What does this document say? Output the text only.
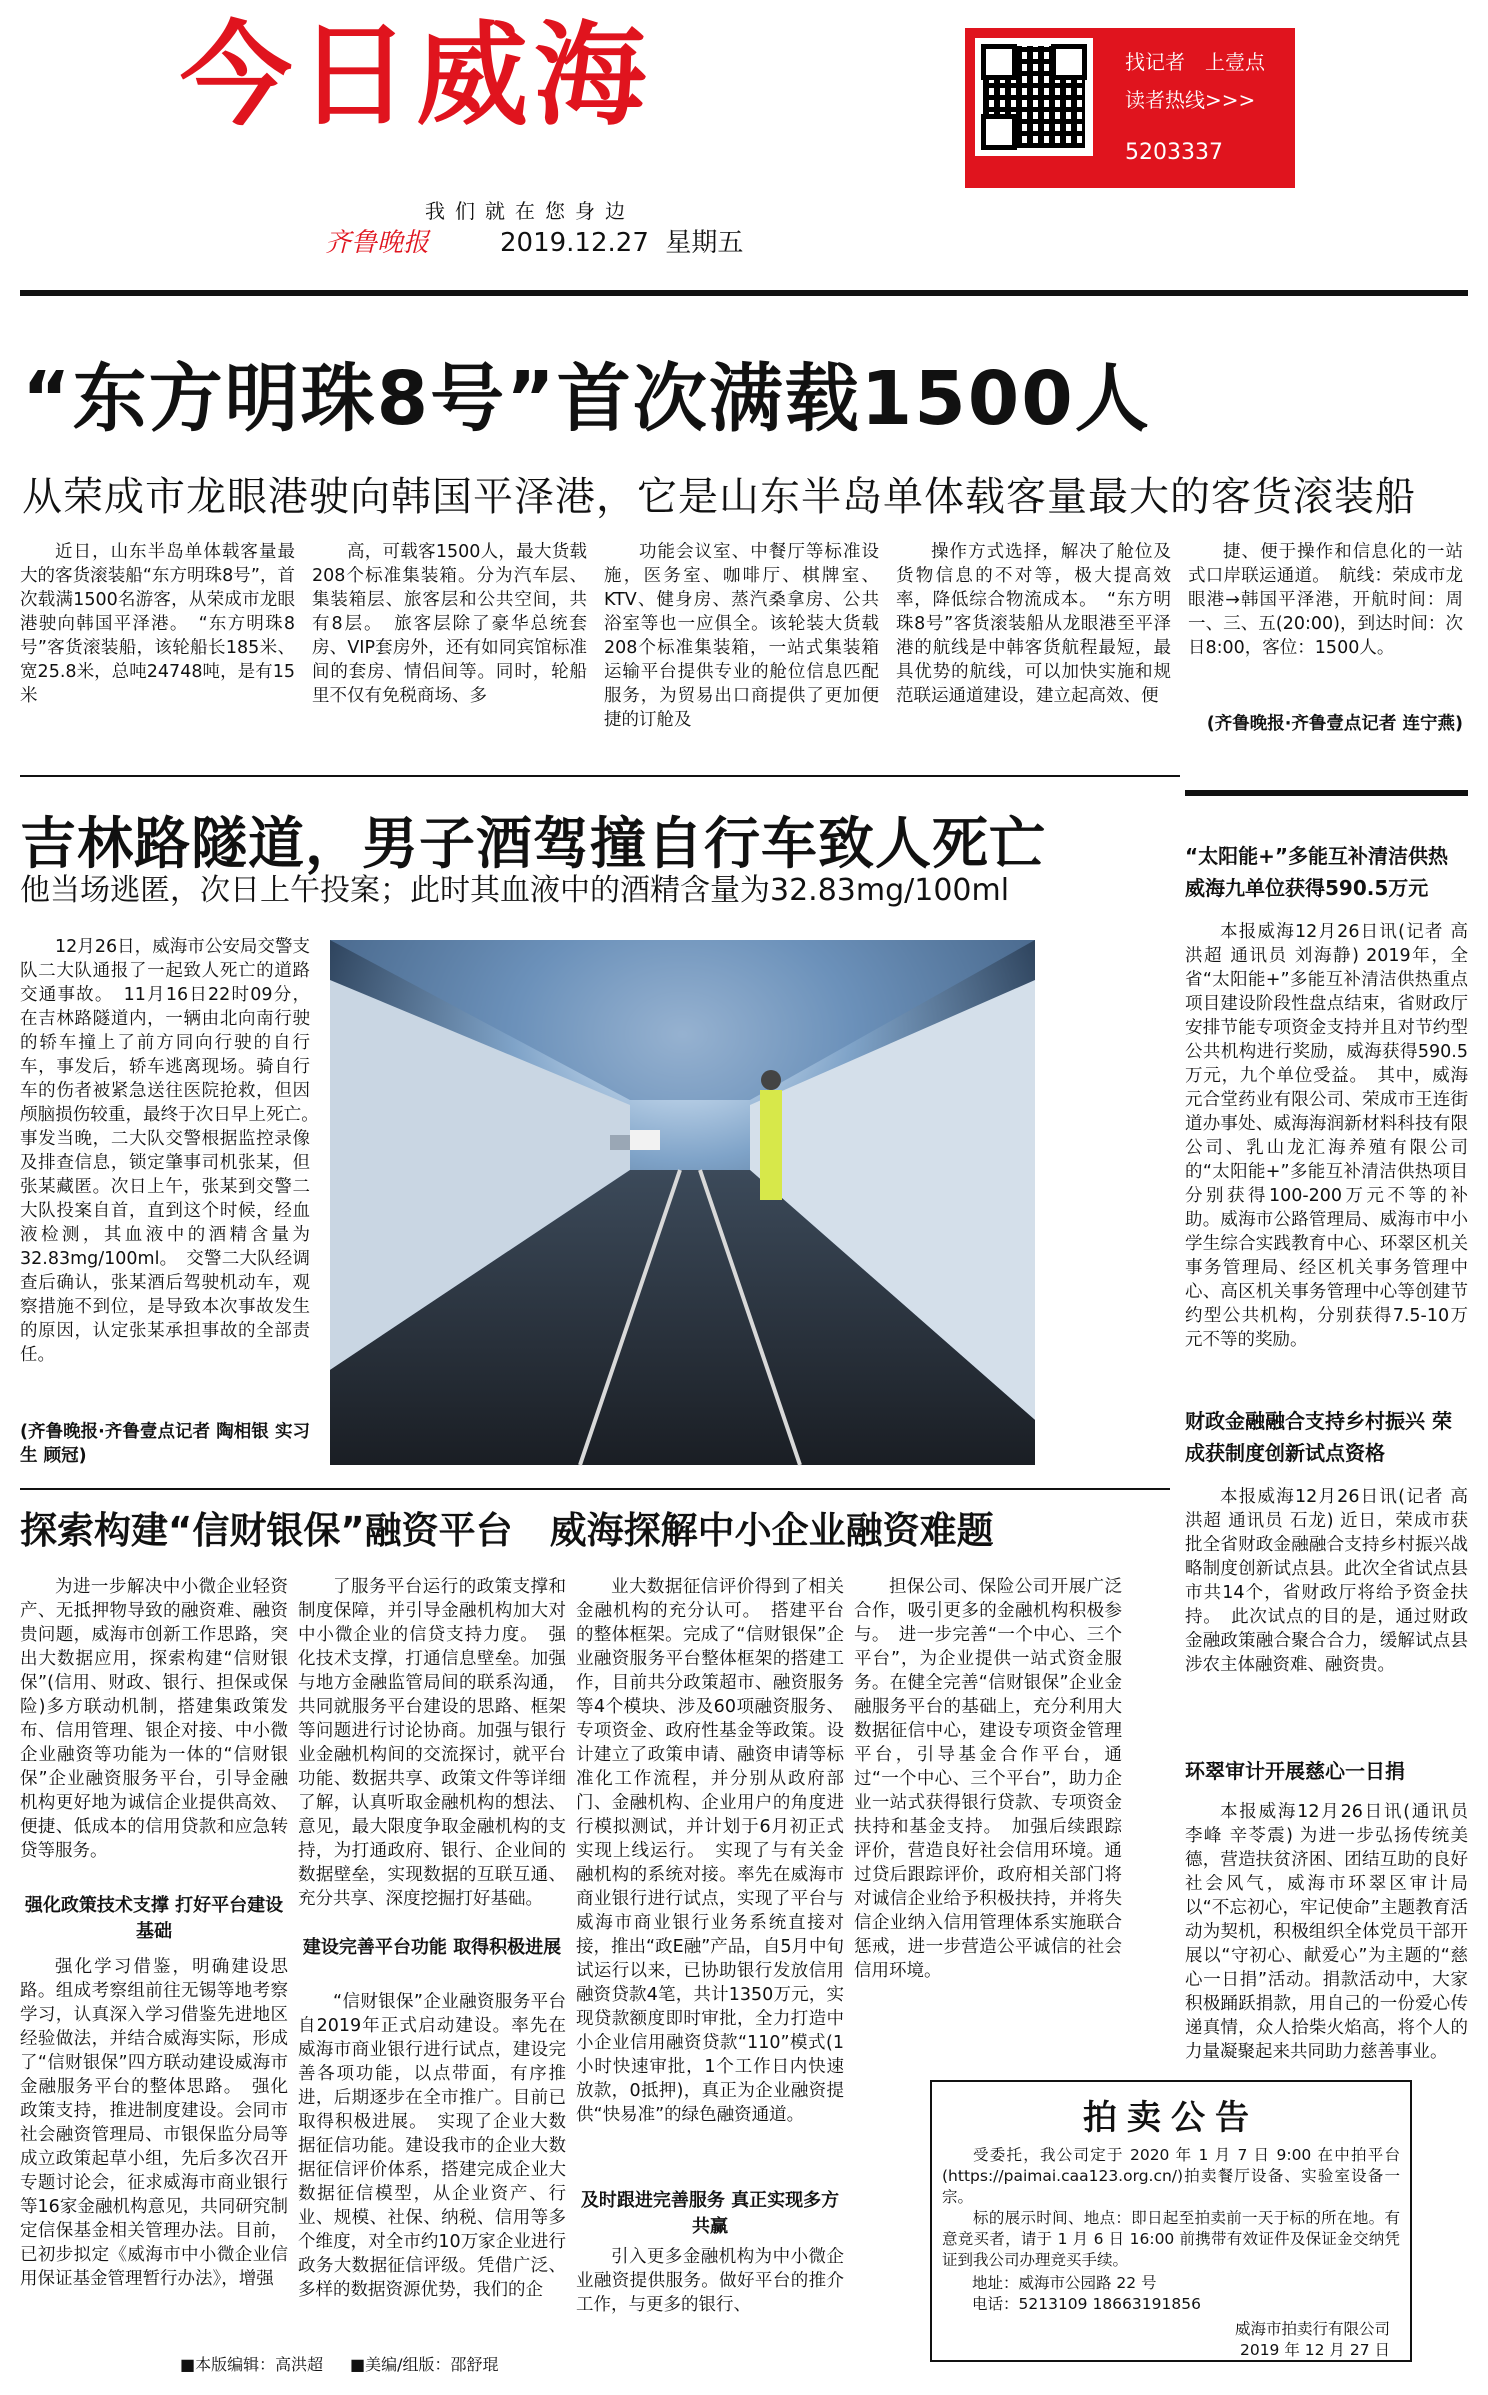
今日威海
我们就在您身边
齐鲁晚报	2019.12.27 星期五
找记者　上壹点
读者热线>>>
5203337
“东方明珠8号”首次满载1500人
从荣成市龙眼港驶向韩国平泽港，它是山东半岛单体载客量最大的客货滚装船

近日，山东半岛单体载客量最大的客货滚装船“东方明珠8号”，首次载满1500名游客，从荣成市龙眼港驶向韩国平泽港。　“东方明珠8号”客货滚装船，该轮船长185米、宽25.8米，总吨24748吨，是有15米

高，可载客1500人，最大货载208个标准集装箱。分为汽车层、集装箱层、旅客层和公共空间，共有8层。　旅客层除了豪华总统套房、VIP套房外，还有如同宾馆标准间的套房、情侣间等。同时，轮船里不仅有免税商场、多

功能会议室、中餐厅等标准设施，医务室、咖啡厅、棋牌室、KTV、健身房、蒸汽桑拿房、公共浴室等也一应俱全。该轮装大货载208个标准集装箱，一站式集装箱运输平台提供专业的舱位信息匹配服务，为贸易出口商提供了更加便捷的订舱及

操作方式选择，解决了舱位及货物信息的不对等，极大提高效率，降低综合物流成本。　“东方明珠8号”客货滚装船从龙眼港至平泽港的航线是中韩客货航程最短，最具优势的航线，可以加快实施和规范联运通道建设，建立起高效、便

捷、便于操作和信息化的一站式口岸联运通道。　航线：荣成市龙眼港→韩国平泽港，开航时间：周一、三、五(20:00)，到达时间：次日8:00，客位：1500人。

(齐鲁晚报·齐鲁壹点记者 连宁燕)
吉林路隧道，男子酒驾撞自行车致人死亡
他当场逃匿，次日上午投案；此时其血液中的酒精含量为32.83mg/100ml

12月26日，威海市公安局交警支队二大队通报了一起致人死亡的道路交通事故。　11月16日22时09分，在吉林路隧道内，一辆由北向南行驶的轿车撞上了前方同向行驶的自行车，事发后，轿车逃离现场。骑自行车的伤者被紧急送往医院抢救，但因颅脑损伤较重，最终于次日早上死亡。　事发当晚，二大队交警根据监控录像及排查信息，锁定肇事司机张某，但张某藏匿。次日上午，张某到交警二大队投案自首，直到这个时候，经血液检测，其血液中的酒精含量为32.83mg/100ml。　交警二大队经调查后确认，张某酒后驾驶机动车，观察措施不到位，是导致本次事故发生的原因，认定张某承担事故的全部责任。

(齐鲁晚报·齐鲁壹点记者 陶相银 实习生 顾冠)
“太阳能+”多能互补清洁供热 威海九单位获得590.5万元

本报威海12月26日讯(记者 高洪超 通讯员 刘海静) 2019年，全省“太阳能+”多能互补清洁供热重点项目建设阶段性盘点结束，省财政厅安排节能专项资金支持并且对节约型公共机构进行奖励，威海获得590.5万元，九个单位受益。　其中，威海元合堂药业有限公司、荣成市王连街道办事处、威海海润新材料科技有限公司、乳山龙汇海养殖有限公司的“太阳能+”多能互补清洁供热项目分别获得100-200万元不等的补助。威海市公路管理局、威海市中小学生综合实践教育中心、环翠区机关事务管理局、经区机关事务管理中心、高区机关事务管理中心等创建节约型公共机构，分别获得7.5-10万元不等的奖励。

财政金融融合支持乡村振兴 荣成获制度创新试点资格

本报威海12月26日讯(记者 高洪超 通讯员 石龙) 近日，荣成市获批全省财政金融融合支持乡村振兴战略制度创新试点县。此次全省试点县市共14个，省财政厅将给予资金扶持。　此次试点的目的是，通过财政金融政策融合聚合合力，缓解试点县涉农主体融资难、融资贵。

环翠审计开展慈心一日捐

本报威海12月26日讯(通讯员 李峰 辛苓震) 为进一步弘扬传统美德，营造扶贫济困、团结互助的良好社会风气，威海市环翠区审计局以“不忘初心，牢记使命”主题教育活动为契机，积极组织全体党员干部开展以“守初心、献爱心”为主题的“慈心一日捐”活动。捐款活动中，大家积极踊跃捐款，用自己的一份爱心传递真情，众人拾柴火焰高，将个人的力量凝聚起来共同助力慈善事业。

探索构建“信财银保”融资平台　威海探解中小企业融资难题

为进一步解决中小微企业轻资产、无抵押物导致的融资难、融资贵问题，威海市创新工作思路，突出大数据应用，探索构建“信财银保”(信用、财政、银行、担保或保险)多方联动机制，搭建集政策发布、信用管理、银企对接、中小微企业融资等功能为一体的“信财银保”企业融资服务平台，引导金融机构更好地为诚信企业提供高效、便捷、低成本的信用贷款和应急转贷等服务。

强化政策技术支撑 打好平台建设基础

强化学习借鉴，明确建设思路。组成考察组前往无锡等地考察学习，认真深入学习借鉴先进地区经验做法，并结合威海实际，形成了“信财银保”四方联动建设威海市金融服务平台的整体思路。　强化政策支持，推进制度建设。会同市社会融资管理局、市银保监分局等成立政策起草小组，先后多次召开专题讨论会，征求威海市商业银行等16家金融机构意见，共同研究制定信保基金相关管理办法。目前，已初步拟定《威海市中小微企业信用保证基金管理暂行办法》，增强

了服务平台运行的政策支撑和制度保障，并引导金融机构加大对中小微企业的信贷支持力度。　强化技术支撑，打通信息壁垒。加强与地方金融监管局间的联系沟通，共同就服务平台建设的思路、框架等问题进行讨论协商。加强与银行业金融机构间的交流探讨，就平台功能、数据共享、政策文件等详细了解，认真听取金融机构的想法、意见，最大限度争取金融机构的支持，为打通政府、银行、企业间的数据壁垒，实现数据的互联互通、充分共享、深度挖掘打好基础。

建设完善平台功能 取得积极进展

“信财银保”企业融资服务平台自2019年正式启动建设。率先在威海市商业银行进行试点，建设完善各项功能，以点带面，有序推进，后期逐步在全市推广。目前已取得积极进展。　实现了企业大数据征信功能。建设我市的企业大数据征信评价体系，搭建完成企业大数据征信模型，从企业资产、行业、规模、社保、纳税、信用等多个维度，对全市约10万家企业进行政务大数据征信评级。凭借广泛、多样的数据资源优势，我们的企

业大数据征信评价得到了相关金融机构的充分认可。　搭建平台的整体框架。完成了“信财银保”企业融资服务平台整体框架的搭建工作，目前共分政策超市、融资服务等4个模块、涉及60项融资服务、专项资金、政府性基金等政策。设计建立了政策申请、融资申请等标准化工作流程，并分别从政府部门、金融机构、企业用户的角度进行模拟测试，并计划于6月初正式实现上线运行。　实现了与有关金融机构的系统对接。率先在威海市商业银行进行试点，实现了平台与威海市商业银行业务系统直接对接，推出“政E融”产品，自5月中旬试运行以来，已协助银行发放信用融资贷款4笔，共计1350万元，实现贷款额度即时审批，全力打造中小企业信用融资贷款“110”模式(1小时快速审批，1个工作日内快速放款，0抵押)，真正为企业融资提供“快易准”的绿色融资通道。

及时跟进完善服务 真正实现多方共赢

引入更多金融机构为中小微企业融资提供服务。做好平台的推介工作，与更多的银行、

担保公司、保险公司开展广泛合作，吸引更多的金融机构积极参与。　进一步完善“一个中心、三个平台”，为企业提供一站式资金服务。在健全完善“信财银保”企业金融服务平台的基础上，充分利用大数据征信中心，建设专项资金管理平台，引导基金合作平台，通过“一个中心、三个平台”，助力企业一站式获得银行贷款、专项资金扶持和基金支持。　加强后续跟踪评价，营造良好社会信用环境。通过贷后跟踪评价，政府相关部门将对诚信企业给予积极扶持，并将失信企业纳入信用管理体系实施联合惩戒，进一步营造公平诚信的社会信用环境。

拍卖公告

受委托，我公司定于 2020 年 1 月 7 日 9:00 在中拍平台(https://paimai.caa123.org.cn/)拍卖餐厅设备、实验室设备一宗。

标的展示时间、地点：即日起至拍卖前一天于标的所在地。有意竞买者，请于 1 月 6 日 16:00 前携带有效证件及保证金交纳凭证到我公司办理竞买手续。

地址：威海市公园路 22 号
电话：5213109 18663191856
威海市拍卖行有限公司
2019 年 12 月 27 日
■本版编辑：高洪超 ■美编/组版：邵舒琨
